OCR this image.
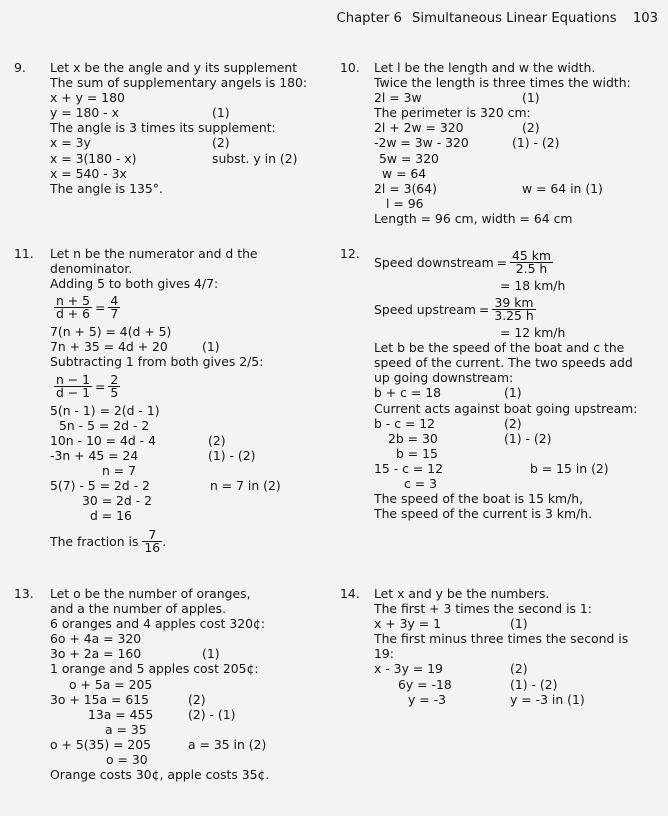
Chapter 6 Simultaneous Linear Equations 103
9. Let x be the angle and y its supplement
The sum of supplementary angels is 180:
x + y = 180
y = 180 - x	(1)
The angle is 3 times its supplement:
x = 3y	(2)
x = 3(180 - x)	subst. y in (2)
x = 540 - 3x
The angle is 135°.
10. Let l be the length and w the width.
Twice the length is three times the width:
2l = 3w	(1)
The perimeter is 320 cm:
2l + 2w = 320	(2)
-2w = 3w - 320	(1) - (2)
5w = 320
w = 64
2l = 3(64)	w = 64 in (1)
l = 96
Length = 96 cm, width = 64 cm
11. Let n be the numerator and d the
denominator.
Adding 5 to both gives 4/7:
$\frac{n + 5}{d + 6} = \frac{4}{7}$
7(n + 5) = 4(d + 5)
7n + 35 = 4d + 20	(1)
Subtracting 1 from both gives 2/5:
$\frac{n - 1}{d - 1} = \frac{2}{5}$
5(n - 1) = 2(d - 1)
5n - 5 = 2d - 2
10n - 10 = 4d - 4	(2)
-3n + 45 = 24	(1) - (2)
n = 7
5(7) - 5 = 2d - 2	n = 7 in (2)
30 = 2d - 2
d = 16
The fraction is $\frac{7}{16}$ .
12.
Speed downstream = $\frac{45 km}{2.5 h}$
= 18 km/h
Speed upstream = $\frac{39 km}{3.25 h}$
= 12 km/h
Let b be the speed of the boat and c the
speed of the current. The two speeds add
up going downstream:
b + c = 18	(1)
Current acts against boat going upstream:
b - c = 12	(2)
2b = 30	(1) - (2)
b = 15
15 - c = 12	b = 15 in (2)
c = 3
The speed of the boat is 15 km/h,
The speed of the current is 3 km/h.
13. Let o be the number of oranges,
and a the number of apples.
6 oranges and 4 apples cost 320¢:
6o + 4a = 320
3o + 2a = 160	(1)
1 orange and 5 apples cost 205¢:
o + 5a = 205
3o + 15a = 615	(2)
13a = 455	(2) - (1)
a = 35
o + 5(35) = 205	a = 35 in (2)
o = 30
Orange costs 30¢, apple costs 35¢.
14. Let x and y be the numbers.
The first + 3 times the second is 1:
x + 3y = 1	(1)
The first minus three times the second is
19:
x - 3y = 19	(2)
6y = -18	(1) - (2)
y = -3	y = -3 in (1)
